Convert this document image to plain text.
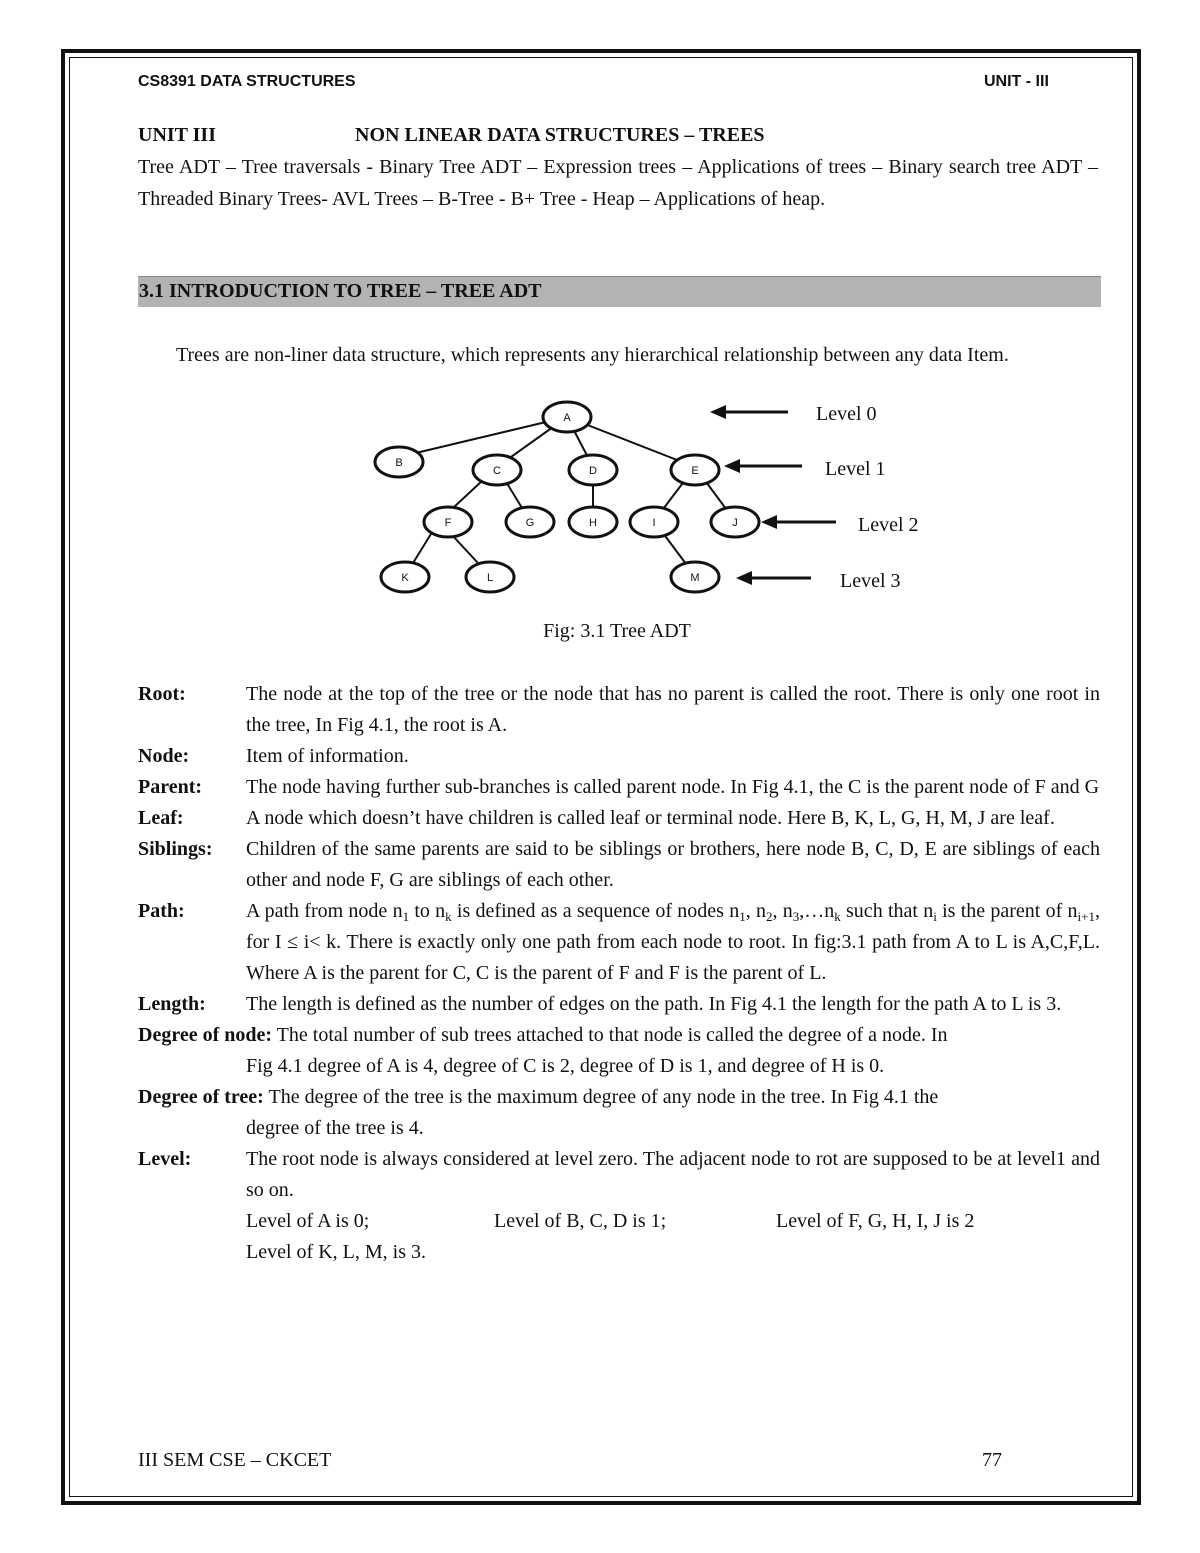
CS8391 DATA STRUCTURES	UNIT - III
UNIT III	NON LINEAR DATA STRUCTURES – TREES

Tree ADT – Tree traversals - Binary Tree ADT – Expression trees – Applications of trees – Binary search tree ADT –Threaded Binary Trees- AVL Trees – B-Tree - B+ Tree - Heap – Applications of heap.

3.1 INTRODUCTION TO TREE – TREE ADT

Trees are non-liner data structure, which represents any hierarchical relationship between any data Item.

A
B
C	D	E
F	G	H	I	J
K	L	M
Level 0
Level 1
Level 2
Level 3
Fig: 3.1 Tree ADT
Root:	The node at the top of the tree or the node that has no parent is called the root. There is only one root in the tree, In Fig 4.1, the root is A.
Node:	Item of information.
Parent:	The node having further sub-branches is called parent node. In Fig 4.1, the C is the parent node of F and G
Leaf:	A node which doesn’t have children is called leaf or terminal node. Here B, K, L, G, H, M, J are leaf.
Siblings:	Children of the same parents are said to be siblings or brothers, here node B, C, D, E are siblings of each other and node F, G are siblings of each other.
Path:	A path from node $n_1$ to $n_k$ is defined as a sequence of nodes $n_1$, $n_2$, $n_3,\dots n_k$ such that $n_i$ is the parent of $n_{i+1}$, for I ≤ i< k. There is exactly only one path from each node to root. In fig:3.1 path from A to L is A,C,F,L. Where A is the parent for C, C is the parent of F and F is the parent of L.
Length:	The length is defined as the number of edges on the path. In Fig 4.1 the length for the path A to L is 3.
Degree of node: The total number of sub trees attached to that node is called the degree of a node. In
Fig 4.1 degree of A is 4, degree of C is 2, degree of D is 1, and degree of H is 0.
Degree of tree: The degree of the tree is the maximum degree of any node in the tree. In Fig 4.1 the
degree of the tree is 4.
Level:	The root node is always considered at level zero. The adjacent node to rot are supposed to be at level1 and so on.
Level of A is 0;	Level of B, C, D is 1;	Level of F, G, H, I, J is 2
Level of K, L, M, is 3.
III SEM CSE – CKCET	77
